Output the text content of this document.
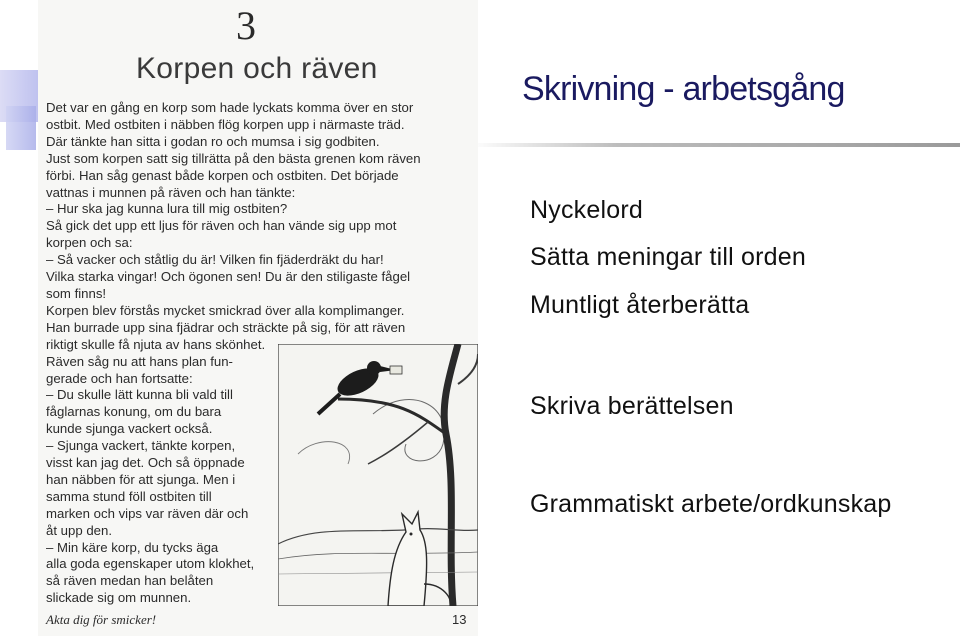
3
Korpen och räven
Det var en gång en korp som hade lyckats komma över en stor
ostbit. Med ostbiten i näbben flög korpen upp i närmaste träd.
Där tänkte han sitta i godan ro och mumsa i sig godbiten.
Just som korpen satt sig tillrätta på den bästa grenen kom räven
förbi. Han såg genast både korpen och ostbiten. Det började
vattnas i munnen på räven och han tänkte:
– Hur ska jag kunna lura till mig ostbiten?
Så gick det upp ett ljus för räven och han vände sig upp mot
korpen och sa:
– Så vacker och ståtlig du är! Vilken fin fjäderdräkt du har!
Vilka starka vingar! Och ögonen sen! Du är den stiligaste fågel
som finns!
Korpen blev förstås mycket smickrad över alla komplimanger.
Han burrade upp sina fjädrar och sträckte på sig, för att räven
riktigt skulle få njuta av hans skönhet.
Räven såg nu att hans plan fun-
gerade och han fortsatte:
– Du skulle lätt kunna bli vald till
fåglarnas konung, om du bara
kunde sjunga vackert också.
– Sjunga vackert, tänkte korpen,
visst kan jag det. Och så öppnade
han näbben för att sjunga. Men i
samma stund föll ostbiten till
marken och vips var räven där och
åt upp den.
– Min käre korp, du tycks äga
alla goda egenskaper utom klokhet,
så räven medan han belåten
slickade sig om munnen.
Akta dig för smicker!	13
Skrivning - arbetsgång
Nyckelord
Sätta meningar till orden
Muntligt återberätta
Skriva berättelsen
Grammatiskt arbete/ordkunskap
